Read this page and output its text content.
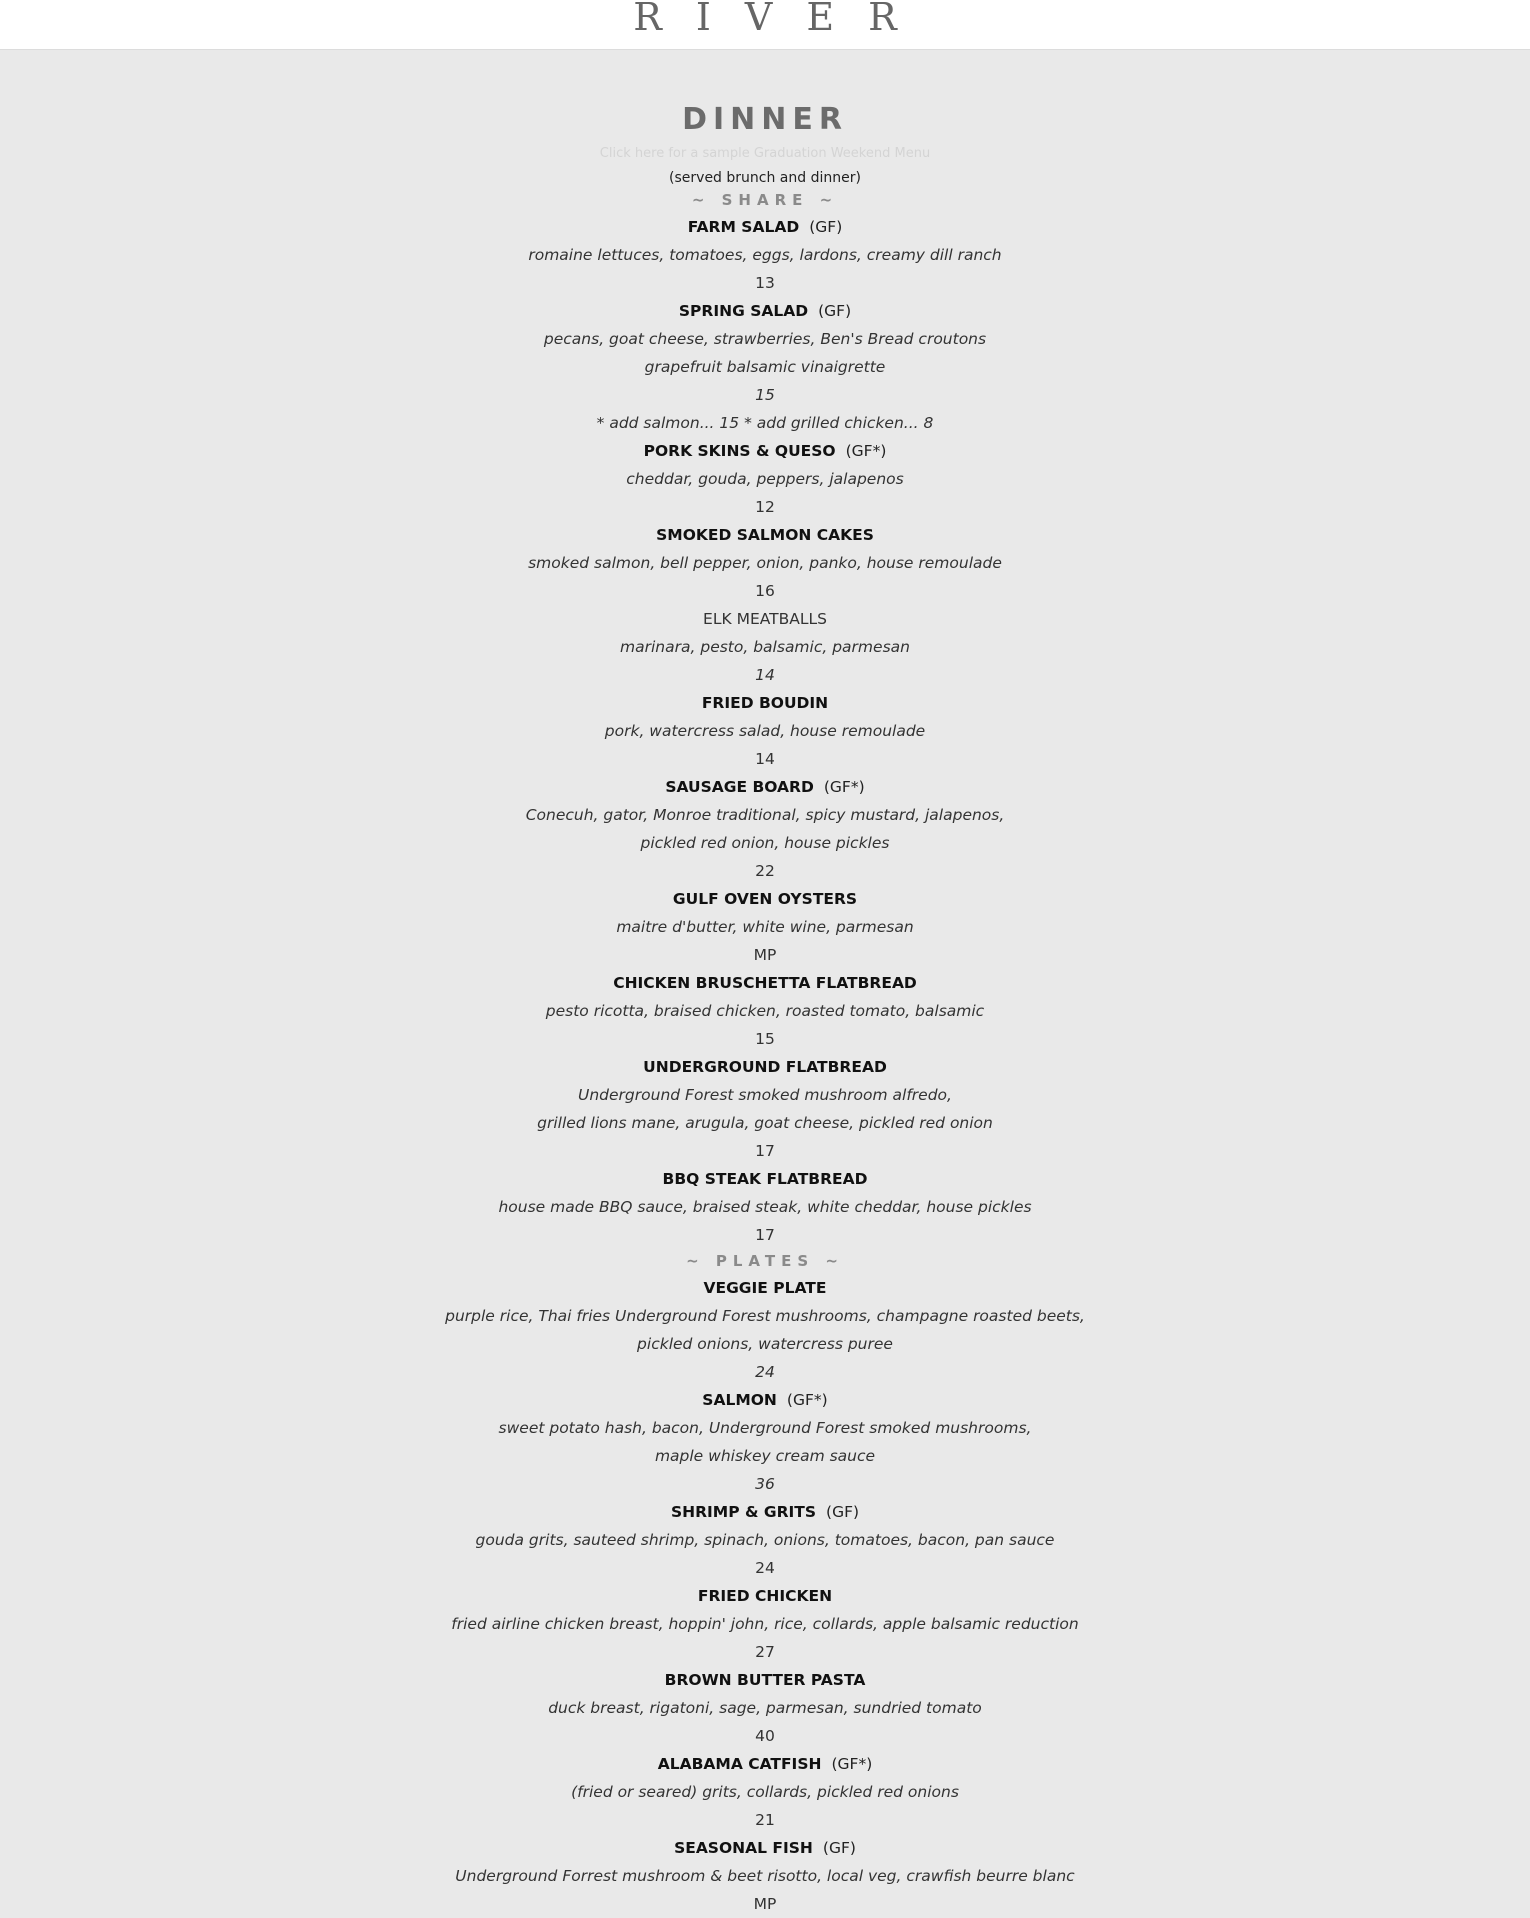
RIVER
DINNER
Click here for a sample Graduation Weekend Menu
(served brunch and dinner)
~ SHARE ~
FARM SALAD (GF)
romaine lettuces, tomatoes, eggs, lardons, creamy dill ranch
13
SPRING SALAD (GF)
pecans, goat cheese, strawberries, Ben's Bread croutons
grapefruit balsamic vinaigrette
15
* add salmon... 15 * add grilled chicken... 8
PORK SKINS & QUESO (GF*)
cheddar, gouda, peppers, jalapenos
12
SMOKED SALMON CAKES
smoked salmon, bell pepper, onion, panko, house remoulade
16
ELK MEATBALLS
marinara, pesto, balsamic, parmesan
14
FRIED BOUDIN
pork, watercress salad, house remoulade
14
SAUSAGE BOARD (GF*)
Conecuh, gator, Monroe traditional, spicy mustard, jalapenos,
pickled red onion, house pickles
22
GULF OVEN OYSTERS
maitre d'butter, white wine, parmesan
MP
CHICKEN BRUSCHETTA FLATBREAD
pesto ricotta, braised chicken, roasted tomato, balsamic
15
UNDERGROUND FLATBREAD
Underground Forest smoked mushroom alfredo,
grilled lions mane, arugula, goat cheese, pickled red onion
17
BBQ STEAK FLATBREAD
house made BBQ sauce, braised steak, white cheddar, house pickles
17
~ PLATES ~
VEGGIE PLATE
purple rice, Thai fries Underground Forest mushrooms, champagne roasted beets,
pickled onions, watercress puree
24
SALMON (GF*)
sweet potato hash, bacon, Underground Forest smoked mushrooms,
maple whiskey cream sauce
36
SHRIMP & GRITS (GF)
gouda grits, sauteed shrimp, spinach, onions, tomatoes, bacon, pan sauce
24
FRIED CHICKEN
fried airline chicken breast, hoppin' john, rice, collards, apple balsamic reduction
27
BROWN BUTTER PASTA
duck breast, rigatoni, sage, parmesan, sundried tomato
40
ALABAMA CATFISH (GF*)
(fried or seared) grits, collards, pickled red onions
21
SEASONAL FISH (GF)
Underground Forrest mushroom & beet risotto, local veg, crawfish beurre blanc
MP
